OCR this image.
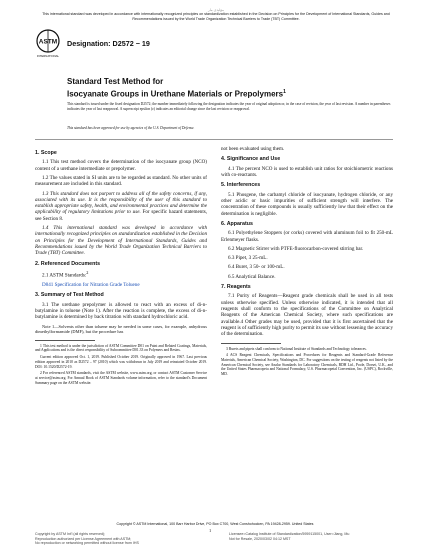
مۆلیدی مار
This international standard was developed in accordance with internationally recognized principles on standardization established in the Decision on Principles for the Development of International Standards, Guides and Recommendations issued by the World Trade Organization Technical Barriers to Trade (TBT) Committee.
ASTM
INTERNATIONAL
Designation: D2572 − 19
Standard Test Method for
Isocyanate Groups in Urethane Materials or Prepolymers$^1$
This standard is issued under the fixed designation D2572; the number immediately following the designation indicates the year of original adoption or, in the case of revision, the year of last revision. A number in parentheses indicates the year of last reapproval. A superscript epsilon (ε) indicates an editorial change since the last revision or reapproval.
This standard has been approved for use by agencies of the U.S. Department of Defense.
1. Scope

1.1 This test method covers the determination of the isocyanate group (NCO) content of a urethane intermediate or prepolymer.

1.2 The values stated in SI units are to be regarded as standard. No other units of measurement are included in this standard.

1.3 This standard does not purport to address all of the safety concerns, if any, associated with its use. It is the responsibility of the user of this standard to establish appropriate safety, health, and environmental practices and determine the applicability of regulatory limitations prior to use. For specific hazard statements, see Section 8.

1.4 This international standard was developed in accordance with internationally recognized principles on standardization established in the Decision on Principles for the Development of International Standards, Guides and Recommendations issued by the World Trade Organization Technical Barriers to Trade (TBT) Committee.

2. Referenced Documents

2.1 ASTM Standards:$^2$

D841 Specification for Nitration Grade Toluene

3. Summary of Test Method

3.1 The urethane prepolymer is allowed to react with an excess of di-n-butylamine in toluene (Note 1). After the reaction is complete, the excess of di-n-butylamine is determined by back titration with standard hydrochloric acid.

Note 1—Solvents other than toluene may be needed in some cases, for example, anhydrous dimethylformamide (DMF), but the procedure has

1 This test method is under the jurisdiction of ASTM Committee D01 on Paint and Related Coatings, Materials, and Applications and is the direct responsibility of Subcommittee D01.33 on Polymers and Resins.

Current edition approved Oct. 1, 2019. Published October 2019. Originally approved in 1967. Last previous edition approved in 2010 as D2572 – 97 (2010) which was withdrawn in July 2019 and reinstated October 2019. DOI: 10.1520/D2572-19.

2 For referenced ASTM standards, visit the ASTM website, www.astm.org, or contact ASTM Customer Service at service@astm.org. For Annual Book of ASTM Standards volume information, refer to the standard's Document Summary page on the ASTM website.

not been evaluated using them.

4. Significance and Use

4.1 The percent NCO is used to establish unit ratios for stoichiometric reactions with co-reactants.

5. Interferences

5.1 Phosgene, the carbamyl chloride of isocyanate, hydrogen chloride, or any other acidic or basic impurities of sufficient strength will interfere. The concentration of these compounds is usually sufficiently low that their effect on the determination is negligible.

6. Apparatus

6.1 Polyethylene Stoppers (or corks) covered with aluminum foil to fit 250-mL Erlenmeyer flasks.

6.2 Magnetic Stirrer with PTFE-fluorocarbon-covered stirring bar.

6.3 Pipet, 3 25-mL.

6.4 Buret, 3 50- or 100-mL.

6.5 Analytical Balance.

7. Reagents

7.1 Purity of Reagents—Reagent grade chemicals shall be used in all tests unless otherwise specified. Unless otherwise indicated, it is intended that all reagents shall conform to the specifications of the Committee on Analytical Reagents of the American Chemical Society, where such specifications are available.4 Other grades may be used, provided that it is first ascertained that the reagent is of sufficiently high purity to permit its use without lessening the accuracy of the determination.

3 Burets and pipets shall conform to National Institute of Standards and Technology tolerances.

4 ACS Reagent Chemicals, Specifications and Procedures for Reagents and Standard-Grade Reference Materials, American Chemical Society, Washington, DC. For suggestions on the testing of reagents not listed by the American Chemical Society, see Analar Standards for Laboratory Chemicals, BDH Ltd., Poole, Dorset, U.K., and the United States Pharmacopeia and National Formulary, U.S. Pharmacopeial Convention, Inc. (USPC), Rockville, MD.

Copyright © ASTM International, 100 Barr Harbor Drive, PO Box C700, West Conshohocken, PA 19428-2959. United States
1
Copyright by ASTM Int'l (all rights reserved);
Reproduction authorized per License Agreement with ASTM;
No reproduction or networking permitted without license from IHS
Licensee=Catalog Institute of Standardization/5959115001, User=Jiang, Mu
Not for Resale, 2020/03/02 04:12 MST
